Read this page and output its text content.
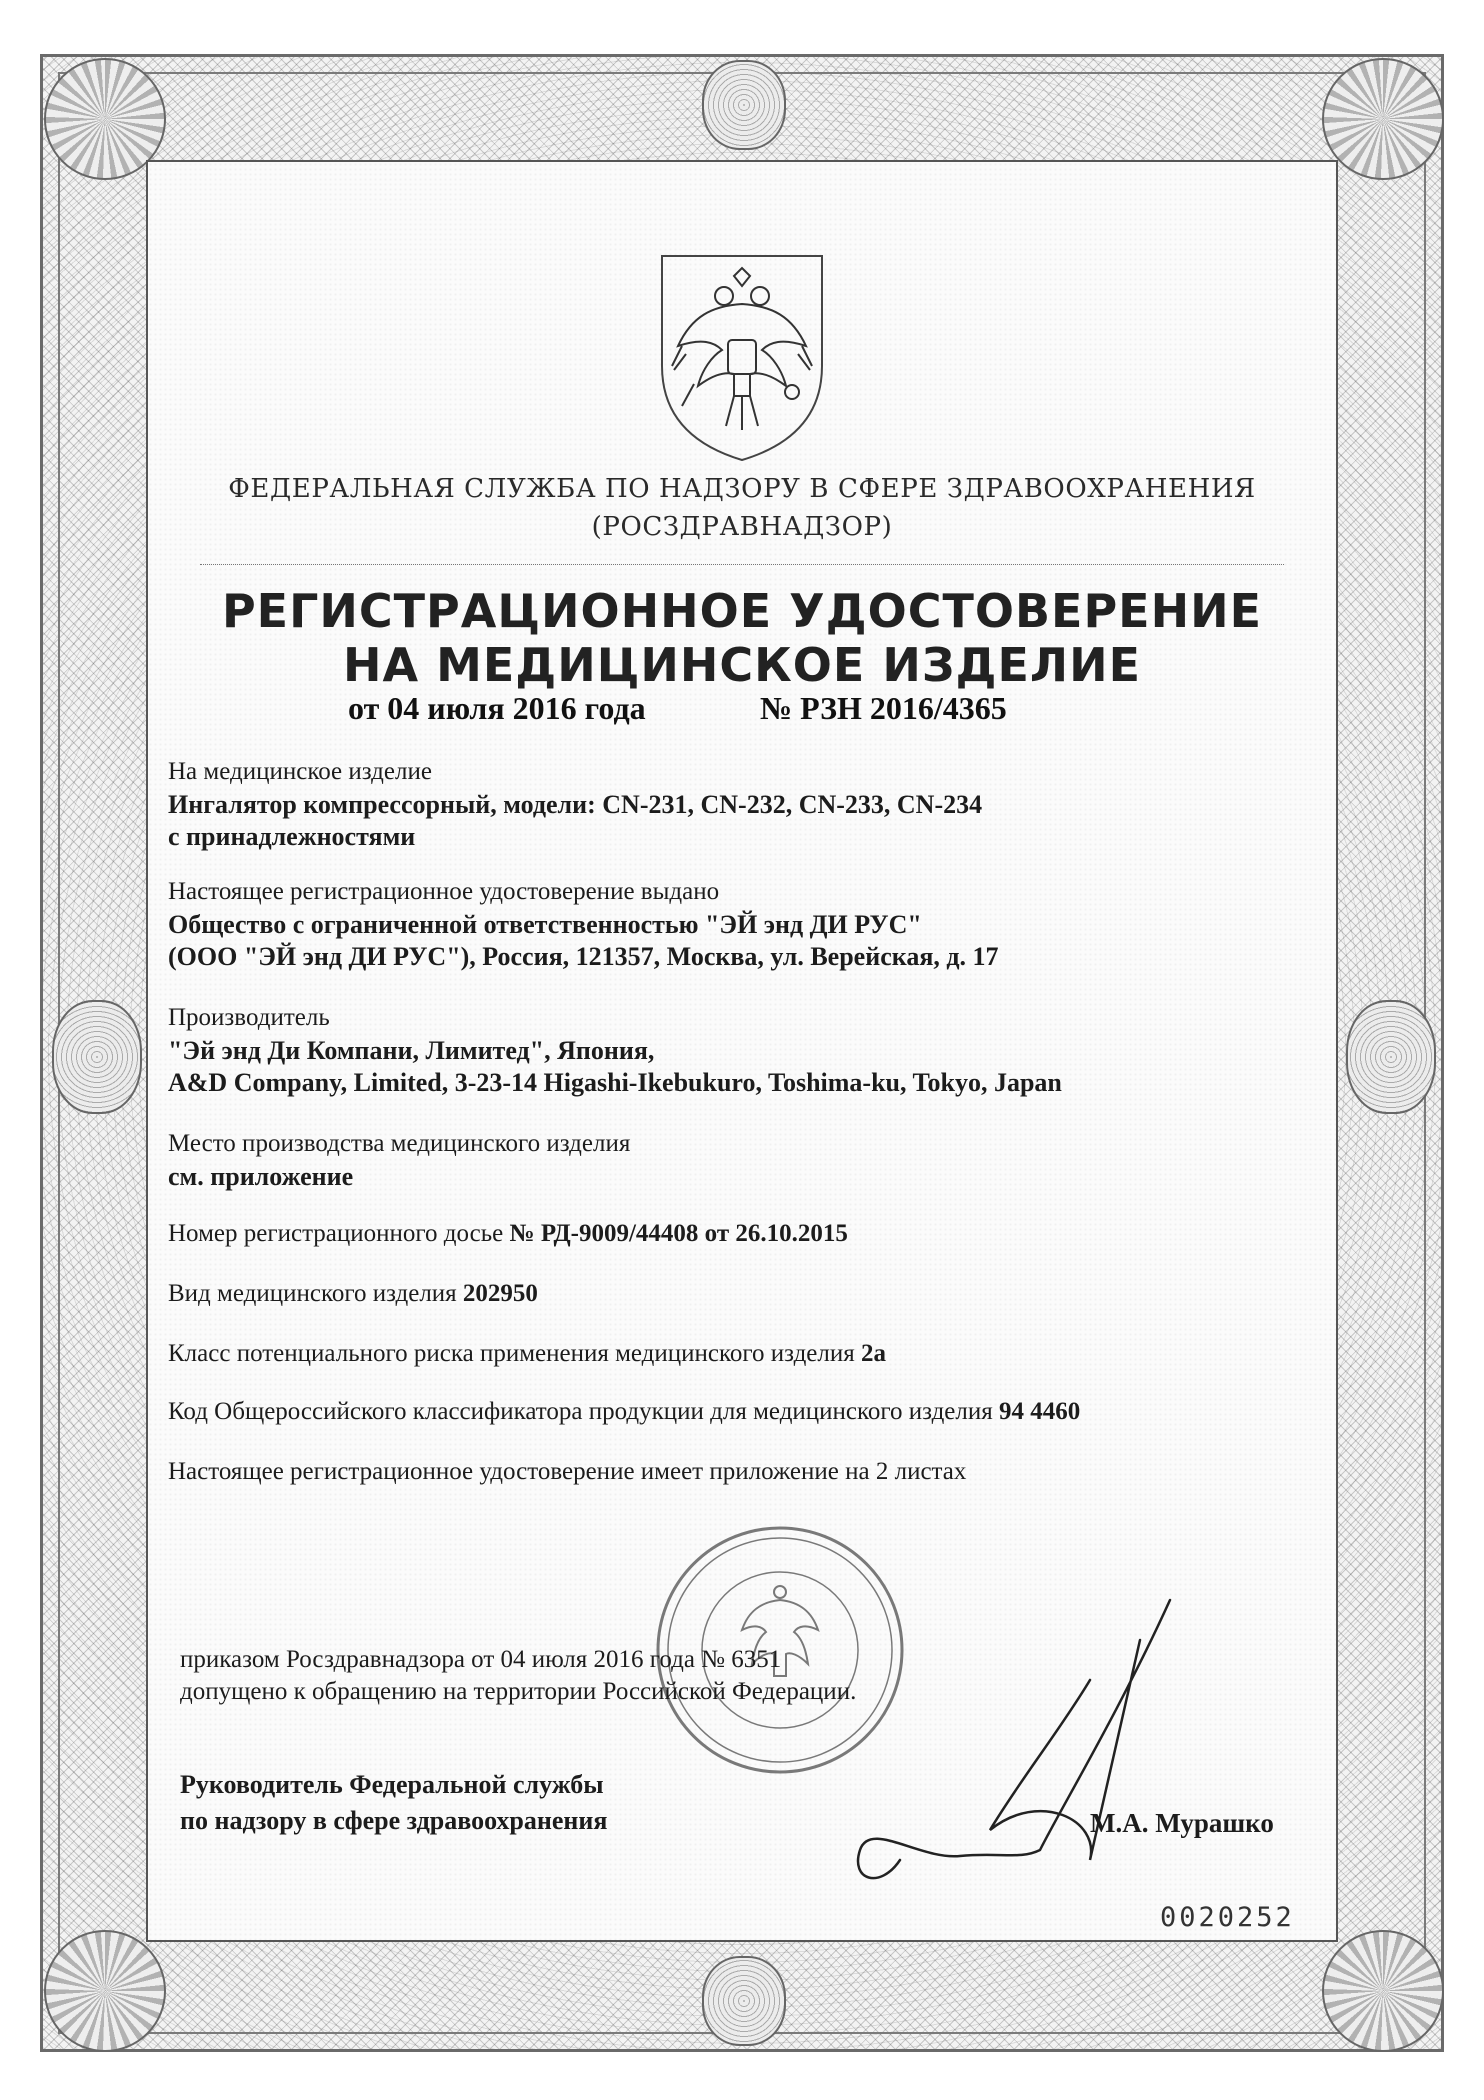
ФЕДЕРАЛЬНАЯ СЛУЖБА ПО НАДЗОРУ В СФЕРЕ ЗДРАВООХРАНЕНИЯ
(РОСЗДРАВНАДЗОР)
РЕГИСТРАЦИОННОЕ УДОСТОВЕРЕНИЕ
НА МЕДИЦИНСКОЕ ИЗДЕЛИЕ
от 04 июля 2016 года	№ РЗН 2016/4365
На медицинское изделие
Ингалятор компрессорный, модели: CN-231, CN-232, CN-233, CN-234
с принадлежностями
Настоящее регистрационное удостоверение выдано
Общество с ограниченной ответственностью "ЭЙ энд ДИ РУС"
(ООО "ЭЙ энд ДИ РУС"), Россия, 121357, Москва, ул. Верейская, д. 17
Производитель
"Эй энд Ди Компани, Лимитед", Япония,
A&D Company, Limited, 3-23-14 Higashi-Ikebukuro, Toshima-ku, Tokyo, Japan
Место производства медицинского изделия
см. приложение
Номер регистрационного досье № РД-9009/44408 от 26.10.2015
Вид медицинского изделия 202950
Класс потенциального риска применения медицинского изделия 2а
Код Общероссийского классификатора продукции для медицинского изделия 94 4460
Настоящее регистрационное удостоверение имеет приложение на 2 листах
приказом Росздравнадзора от 04 июля 2016 года № 6351
допущено к обращению на территории Российской Федерации.
Руководитель Федеральной службы
по надзору в сфере здравоохранения	М.А. Мурашко
0020252
